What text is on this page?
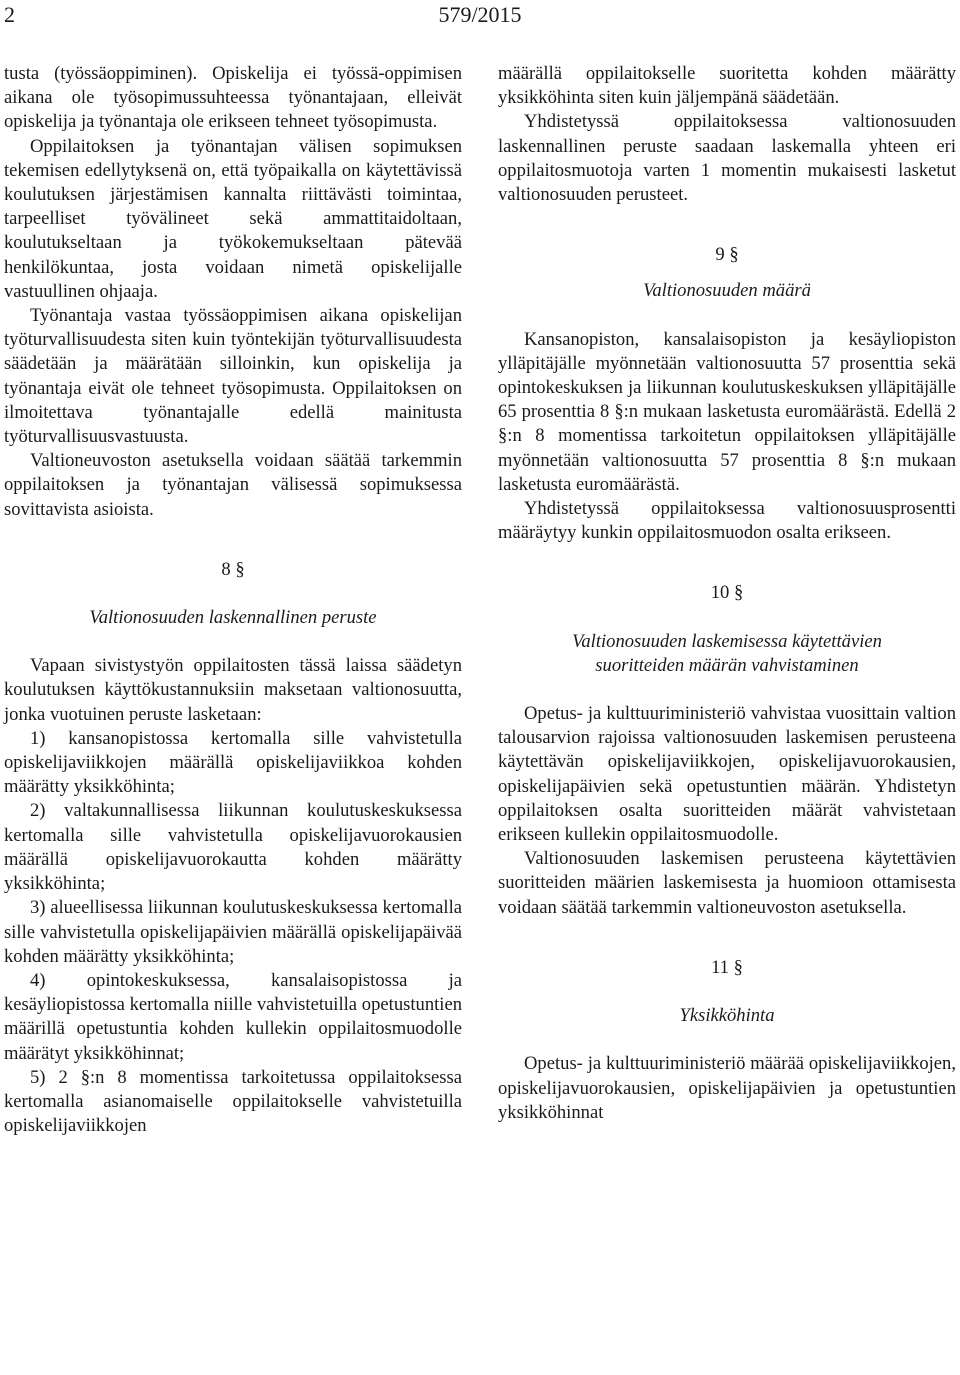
2	579/2015

tusta (työssäoppiminen). Opiskelija ei työssä-oppimisen aikana ole työsopimussuhteessa työnantajaan, elleivät opiskelija ja työnantaja ole erikseen tehneet työsopimusta.

Oppilaitoksen ja työnantajan välisen sopimuksen tekemisen edellytyksenä on, että työpaikalla on käytettävissä koulutuksen järjestämisen kannalta riittävästi toimintaa, tarpeelliset työvälineet sekä ammattitaidoltaan, koulutukseltaan ja työkokemukseltaan pätevää henkilökuntaa, josta voidaan nimetä opiskelijalle vastuullinen ohjaaja.

Työnantaja vastaa työssäoppimisen aikana opiskelijan työturvallisuudesta siten kuin työntekijän työturvallisuudesta säädetään ja määrätään silloinkin, kun opiskelija ja työnantaja eivät ole tehneet työsopimusta. Oppilaitoksen on ilmoitettava työnantajalle edellä mainitusta työturvallisuusvastuusta.

Valtioneuvoston asetuksella voidaan säätää tarkemmin oppilaitoksen ja työnantajan välisessä sopimuksessa sovittavista asioista.

8 §

Valtionosuuden laskennallinen peruste

Vapaan sivistystyön oppilaitosten tässä laissa säädetyn koulutuksen käyttökustannuksiin maksetaan valtionosuutta, jonka vuotuinen peruste lasketaan:

1) kansanopistossa kertomalla sille vahvistetulla opiskelijaviikkojen määrällä opiskelijaviikkoa kohden määrätty yksikköhinta;

2) valtakunnallisessa liikunnan koulutuskeskuksessa kertomalla sille vahvistetulla opiskelijavuorokausien määrällä opiskelijavuorokautta kohden määrätty yksikköhinta;

3) alueellisessa liikunnan koulutuskeskuksessa kertomalla sille vahvistetulla opiskelijapäivien määrällä opiskelijapäivää kohden määrätty yksikköhinta;

4) opintokeskuksessa, kansalaisopistossa ja kesäyliopistossa kertomalla niille vahvistetuilla opetustuntien määrillä opetustuntia kohden kullekin oppilaitosmuodolle määrätyt yksikköhinnat;

5) 2 §:n 8 momentissa tarkoitetussa oppilaitoksessa kertomalla asianomaiselle oppilaitokselle vahvistetuilla opiskelijaviikkojen

määrällä oppilaitokselle suoritetta kohden määrätty yksikköhinta siten kuin jäljempänä säädetään.

Yhdistetyssä oppilaitoksessa valtionosuuden laskennallinen peruste saadaan laskemalla yhteen eri oppilaitosmuotoja varten 1 momentin mukaisesti lasketut valtionosuuden perusteet.

9 §

Valtionosuuden määrä

Kansanopiston, kansalaisopiston ja kesäyliopiston ylläpitäjälle myönnetään valtionosuutta 57 prosenttia sekä opintokeskuksen ja liikunnan koulutuskeskuksen ylläpitäjälle 65 prosenttia 8 §:n mukaan lasketusta euromäärästä. Edellä 2 §:n 8 momentissa tarkoitetun oppilaitoksen ylläpitäjälle myönnetään valtionosuutta 57 prosenttia 8 §:n mukaan lasketusta euromäärästä.

Yhdistetyssä oppilaitoksessa valtionosuusprosentti määräytyy kunkin oppilaitosmuodon osalta erikseen.

10 §

Valtionosuuden laskemisessa käytettävien

suoritteiden määrän vahvistaminen

Opetus- ja kulttuuriministeriö vahvistaa vuosittain valtion talousarvion rajoissa valtionosuuden laskemisen perusteena käytettävän opiskelijaviikkojen, opiskelijavuorokausien, opiskelijapäivien sekä opetustuntien määrän. Yhdistetyn oppilaitoksen osalta suoritteiden määrät vahvistetaan erikseen kullekin oppilaitosmuodolle.

Valtionosuuden laskemisen perusteena käytettävien suoritteiden määrien laskemisesta ja huomioon ottamisesta voidaan säätää tarkemmin valtioneuvoston asetuksella.

11 §

Yksikköhinta

Opetus- ja kulttuuriministeriö määrää opiskelijaviikkojen, opiskelijavuorokausien, opiskelijapäivien ja opetustuntien yksikköhinnat
